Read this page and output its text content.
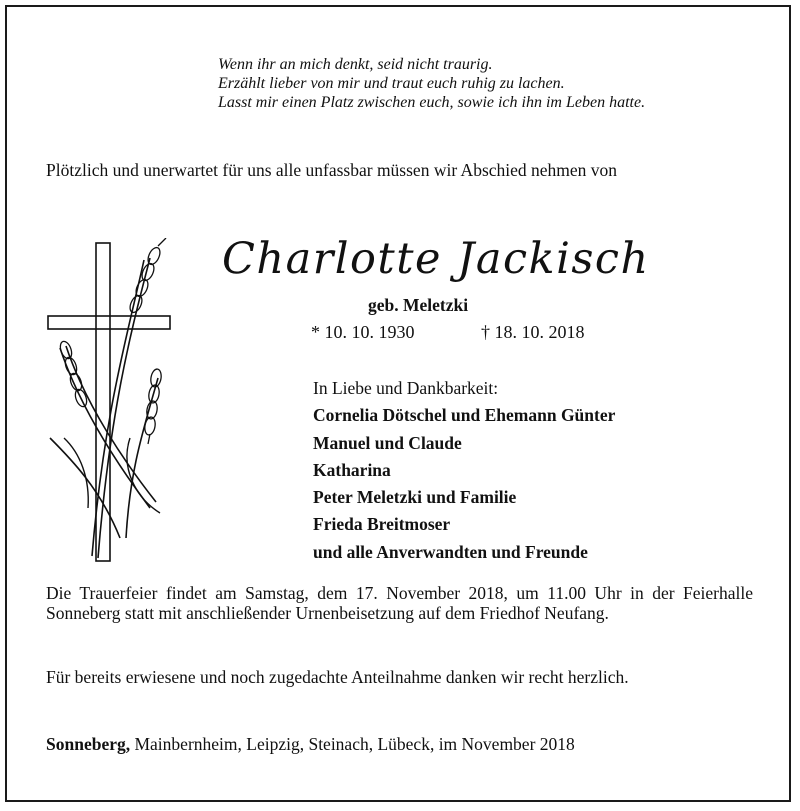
Wenn ihr an mich denkt, seid nicht traurig.
Erzählt lieber von mir und traut euch ruhig zu lachen.
Lasst mir einen Platz zwischen euch, sowie ich ihn im Leben hatte.
Plötzlich und unerwartet für uns alle unfassbar müssen wir Abschied nehmen von
Charlotte Jackisch
geb. Meletzki
* 10. 10. 1930	† 18. 10. 2018
In Liebe und Dankbarkeit:
Cornelia Dötschel und Ehemann Günter
Manuel und Claude
Katharina
Peter Meletzki und Familie
Frieda Breitmoser
und alle Anverwandten und Freunde
Die Trauerfeier findet am Samstag, dem 17. November 2018, um 11.00 Uhr in der Feierhalle Sonneberg statt mit anschließender Urnenbeisetzung auf dem Friedhof Neufang.
Für bereits erwiesene und noch zugedachte Anteilnahme danken wir recht herzlich.
Sonneberg, Mainbernheim, Leipzig, Steinach, Lübeck, im November 2018
